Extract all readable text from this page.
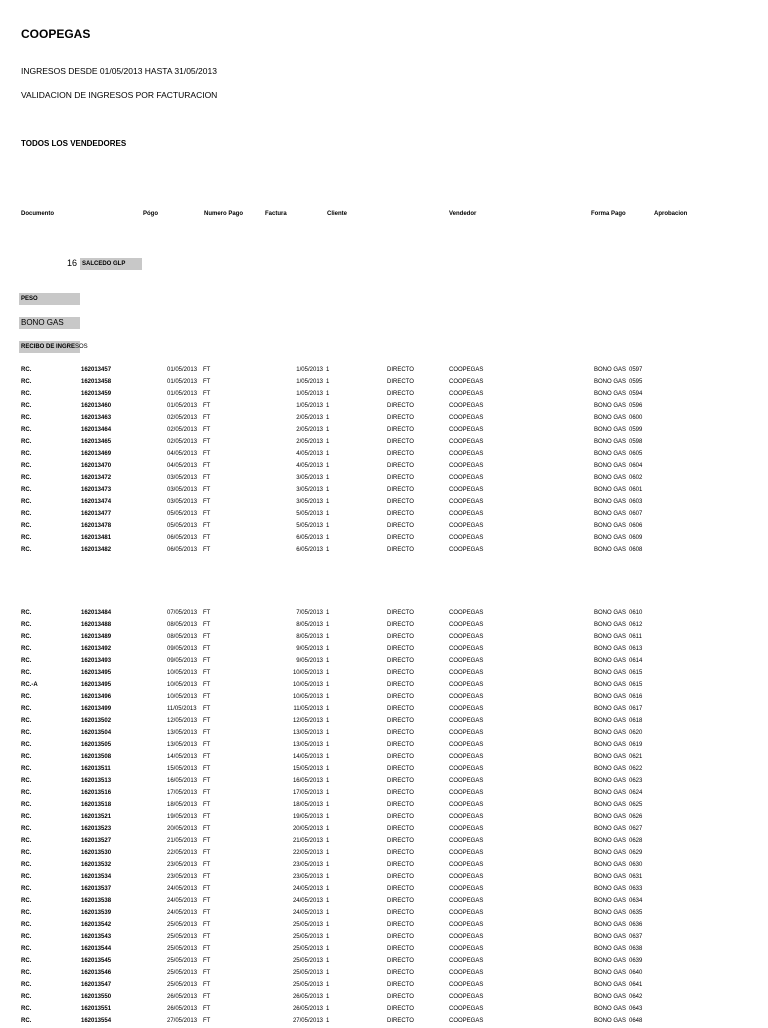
COOPEGAS
INGRESOS DESDE 01/05/2013 HASTA 31/05/2013
VALIDACION DE INGRESOS POR FACTURACION
TODOS LOS VENDEDORES
Documento	Pógo	Numero Pago	Factura	Cliente	Vendedor	Forma Pago	Aprobacion
16 SALCEDO GLP
PESO
BONO GAS
RECIBO DE INGRESOS
RC.	162013457	01/05/2013 FT	1/05/2013 1	DIRECTO	COOPEGAS	BONO GAS 0597
RC.	162013458	01/05/2013 FT	1/05/2013 1	DIRECTO	COOPEGAS	BONO GAS 0595
RC.	162013459	01/05/2013 FT	1/05/2013 1	DIRECTO	COOPEGAS	BONO GAS 0594
RC.	162013460	01/05/2013 FT	1/05/2013 1	DIRECTO	COOPEGAS	BONO GAS 0596
RC.	162013463	02/05/2013 FT	2/05/2013 1	DIRECTO	COOPEGAS	BONO GAS 0600
RC.	162013464	02/05/2013 FT	2/05/2013 1	DIRECTO	COOPEGAS	BONO GAS 0599
RC.	162013465	02/05/2013 FT	2/05/2013 1	DIRECTO	COOPEGAS	BONO GAS 0598
RC.	162013469	04/05/2013 FT	4/05/2013 1	DIRECTO	COOPEGAS	BONO GAS 0605
RC.	162013470	04/05/2013 FT	4/05/2013 1	DIRECTO	COOPEGAS	BONO GAS 0604
RC.	162013472	03/05/2013 FT	3/05/2013 1	DIRECTO	COOPEGAS	BONO GAS 0602
RC.	162013473	03/05/2013 FT	3/05/2013 1	DIRECTO	COOPEGAS	BONO GAS 0601
RC.	162013474	03/05/2013 FT	3/05/2013 1	DIRECTO	COOPEGAS	BONO GAS 0603
RC.	162013477	05/05/2013 FT	5/05/2013 1	DIRECTO	COOPEGAS	BONO GAS 0607
RC.	162013478	05/05/2013 FT	5/05/2013 1	DIRECTO	COOPEGAS	BONO GAS 0606
RC.	162013481	06/05/2013 FT	6/05/2013 1	DIRECTO	COOPEGAS	BONO GAS 0609
RC.	162013482	06/05/2013 FT	6/05/2013 1	DIRECTO	COOPEGAS	BONO GAS 0608
RC.	162013484	07/05/2013 FT	7/05/2013 1	DIRECTO	COOPEGAS	BONO GAS 0610
RC.	162013488	08/05/2013 FT	8/05/2013 1	DIRECTO	COOPEGAS	BONO GAS 0612
RC.	162013489	08/05/2013 FT	8/05/2013 1	DIRECTO	COOPEGAS	BONO GAS 0611
RC.	162013492	09/05/2013 FT	9/05/2013 1	DIRECTO	COOPEGAS	BONO GAS 0613
RC.	162013493	09/05/2013 FT	9/05/2013 1	DIRECTO	COOPEGAS	BONO GAS 0614
RC.	162013495	10/05/2013 FT	10/05/2013 1	DIRECTO	COOPEGAS	BONO GAS 0615
RC.-A	162013495	10/05/2013 FT	10/05/2013 1	DIRECTO	COOPEGAS	BONO GAS 0615
RC.	162013496	10/05/2013 FT	10/05/2013 1	DIRECTO	COOPEGAS	BONO GAS 0616
RC.	162013499	11/05/2013 FT	11/05/2013 1	DIRECTO	COOPEGAS	BONO GAS 0617
RC.	162013502	12/05/2013 FT	12/05/2013 1	DIRECTO	COOPEGAS	BONO GAS 0618
RC.	162013504	13/05/2013 FT	13/05/2013 1	DIRECTO	COOPEGAS	BONO GAS 0620
RC.	162013505	13/05/2013 FT	13/05/2013 1	DIRECTO	COOPEGAS	BONO GAS 0619
RC.	162013508	14/05/2013 FT	14/05/2013 1	DIRECTO	COOPEGAS	BONO GAS 0621
RC.	162013511	15/05/2013 FT	15/05/2013 1	DIRECTO	COOPEGAS	BONO GAS 0622
RC.	162013513	16/05/2013 FT	16/05/2013 1	DIRECTO	COOPEGAS	BONO GAS 0623
RC.	162013516	17/05/2013 FT	17/05/2013 1	DIRECTO	COOPEGAS	BONO GAS 0624
RC.	162013518	18/05/2013 FT	18/05/2013 1	DIRECTO	COOPEGAS	BONO GAS 0625
RC.	162013521	19/05/2013 FT	19/05/2013 1	DIRECTO	COOPEGAS	BONO GAS 0626
RC.	162013523	20/05/2013 FT	20/05/2013 1	DIRECTO	COOPEGAS	BONO GAS 0627
RC.	162013527	21/05/2013 FT	21/05/2013 1	DIRECTO	COOPEGAS	BONO GAS 0628
RC.	162013530	22/05/2013 FT	22/05/2013 1	DIRECTO	COOPEGAS	BONO GAS 0629
RC.	162013532	23/05/2013 FT	23/05/2013 1	DIRECTO	COOPEGAS	BONO GAS 0630
RC.	162013534	23/05/2013 FT	23/05/2013 1	DIRECTO	COOPEGAS	BONO GAS 0631
RC.	162013537	24/05/2013 FT	24/05/2013 1	DIRECTO	COOPEGAS	BONO GAS 0633
RC.	162013538	24/05/2013 FT	24/05/2013 1	DIRECTO	COOPEGAS	BONO GAS 0634
RC.	162013539	24/05/2013 FT	24/05/2013 1	DIRECTO	COOPEGAS	BONO GAS 0635
RC.	162013542	25/05/2013 FT	25/05/2013 1	DIRECTO	COOPEGAS	BONO GAS 0636
RC.	162013543	25/05/2013 FT	25/05/2013 1	DIRECTO	COOPEGAS	BONO GAS 0637
RC.	162013544	25/05/2013 FT	25/05/2013 1	DIRECTO	COOPEGAS	BONO GAS 0638
RC.	162013545	25/05/2013 FT	25/05/2013 1	DIRECTO	COOPEGAS	BONO GAS 0639
RC.	162013546	25/05/2013 FT	25/05/2013 1	DIRECTO	COOPEGAS	BONO GAS 0640
RC.	162013547	25/05/2013 FT	25/05/2013 1	DIRECTO	COOPEGAS	BONO GAS 0641
RC.	162013550	26/05/2013 FT	26/05/2013 1	DIRECTO	COOPEGAS	BONO GAS 0642
RC.	162013551	26/05/2013 FT	26/05/2013 1	DIRECTO	COOPEGAS	BONO GAS 0643
RC.	162013554	27/05/2013 FT	27/05/2013 1	DIRECTO	COOPEGAS	BONO GAS 0648
